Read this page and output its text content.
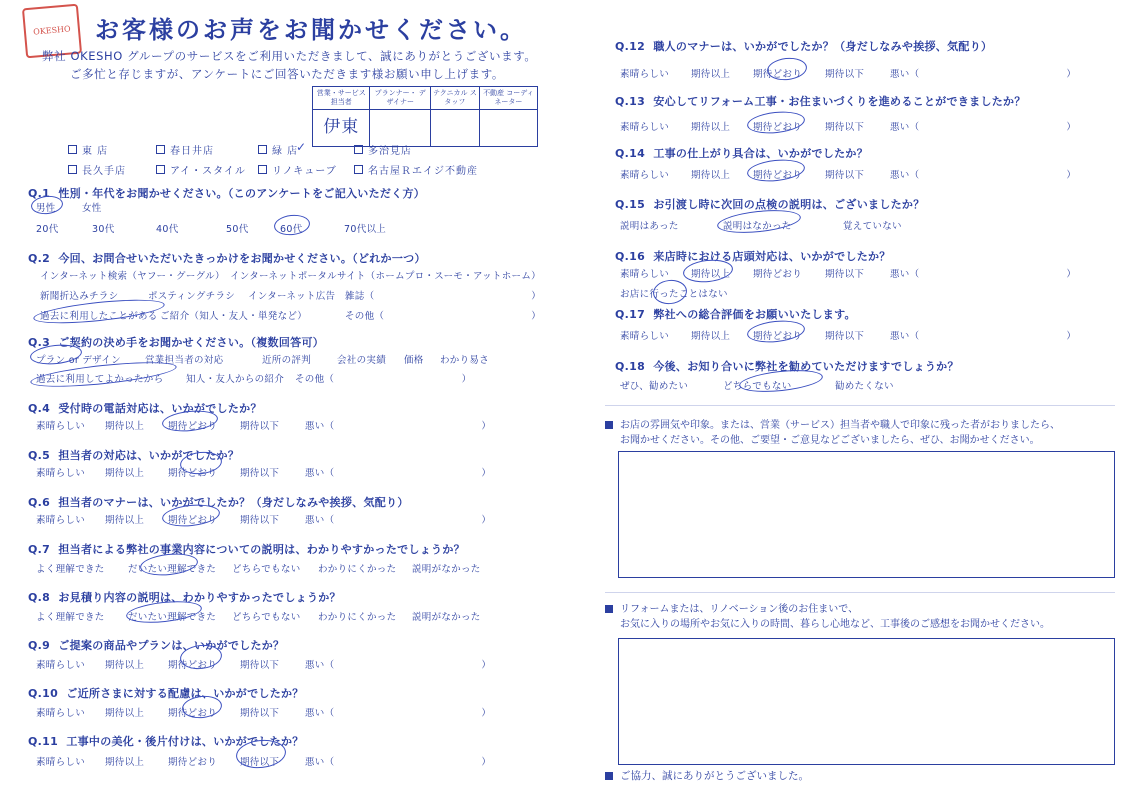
OKESHO	お客様のお声をお聞かせください。
弊社 OKESHO グループのサービスをご利用いただきまして、誠にありがとうございます。
ご多忙と存じますが、アンケートにご回答いただきます様お願い申し上げます。
営業・サービス 担当者	プランナー・ デザイナー	テクニカル スタッフ	不動産 コーディネーター
伊東			
東 店	春日井店	緑 店	多治見店
長久手店	アイ・スタイル	リノキューブ	名古屋Ｒエイジ不動産
✓
Q.1 性別・年代をお聞かせください。（このアンケートをご記入いただく方）
男性	女性
20代	30代	40代	50代	60代	70代以上
Q.2 今回、お問合せいただいたきっかけをお聞かせください。（どれか一つ）
インターネット検索（ヤフー・グーグル） インターネットポータルサイト（ホームプロ・スーモ・アットホーム）
新聞折込みチラシ	ポスティングチラシ インターネット広告 雑誌（　　　　　　　　　　　　　　　　）
過去に利用したことがある ご紹介（知人・友人・単発など）	その他（　　　　　　　　　　　　　　　）
Q.3 ご契約の決め手をお聞かせください。（複数回答可）
プラン or デザイン	営業担当者の対応	近所の評判	会社の実績 価格 わかり易さ
過去に利用してよかったから 知人・友人からの紹介 その他（　　　　　　　　　　　　　）
Q.4 受付時の電話対応は、いかがでしたか？
素晴らしい 期待以上	期待どおり 期待以下	悪い（　　　　　　　　　　　　　　　）
Q.5 担当者の対応は、いかがでしたか？
素晴らしい 期待以上	期待どおり 期待以下	悪い（　　　　　　　　　　　　　　　）
Q.6 担当者のマナーは、いかがでしたか？（身だしなみや挨拶、気配り）
素晴らしい 期待以上	期待どおり 期待以下	悪い（　　　　　　　　　　　　　　　）
Q.7 担当者による弊社の事業内容についての説明は、わかりやすかったでしょうか？
よく理解できた だいたい理解できた どちらでもない わかりにくかった 説明がなかった
Q.8 お見積り内容の説明は、わかりやすかったでしょうか？
よく理解できた だいたい理解できた どちらでもない わかりにくかった 説明がなかった
Q.9 ご提案の商品やプランは、いかがでしたか？
素晴らしい 期待以上	期待どおり 期待以下	悪い（　　　　　　　　　　　　　　　）
Q.10 ご近所さまに対する配慮は、いかがでしたか？
素晴らしい 期待以上	期待どおり 期待以下	悪い（　　　　　　　　　　　　　　　）
Q.11 工事中の美化・後片付けは、いかがでしたか？
素晴らしい 期待以上	期待どおり 期待以下	悪い（　　　　　　　　　　　　　　　）
Q.12 職人のマナーは、いかがでしたか？（身だしなみや挨拶、気配り）
素晴らしい 期待以上 期待どおり 期待以下	悪い（　　　　　　　　　　　　　　　）
Q.13 安心してリフォーム工事・お住まいづくりを進めることができましたか？
素晴らしい 期待以上 期待どおり 期待以下	悪い（　　　　　　　　　　　　　　　）
Q.14 工事の仕上がり具合は、いかがでしたか？
素晴らしい 期待以上 期待どおり 期待以下	悪い（　　　　　　　　　　　　　　　）
Q.15 お引渡し時に次回の点検の説明は、ございましたか？
説明はあった	説明はなかった	覚えていない
Q.16 来店時における店頭対応は、いかがでしたか？
素晴らしい 期待以上 期待どおり 期待以下	悪い（　　　　　　　　　　　　　　　）
お店に行ったことはない
Q.17 弊社への総合評価をお願いいたします。
素晴らしい 期待以上 期待どおり 期待以下	悪い（　　　　　　　　　　　　　　　）
Q.18 今後、お知り合いに弊社を勧めていただけますでしょうか？
ぜひ、勧めたい	どちらでもない	勧めたくない
お店の雰囲気や印象。または、営業（サービス）担当者や職人で印象に残った者がおりましたら、
お聞かせください。その他、ご要望・ご意見などございましたら、ぜひ、お聞かせください。
リフォームまたは、リノベーション後のお住まいで、
お気に入りの場所やお気に入りの時間、暮らし心地など、工事後のご感想をお聞かせください。
ご協力、誠にありがとうございました。
